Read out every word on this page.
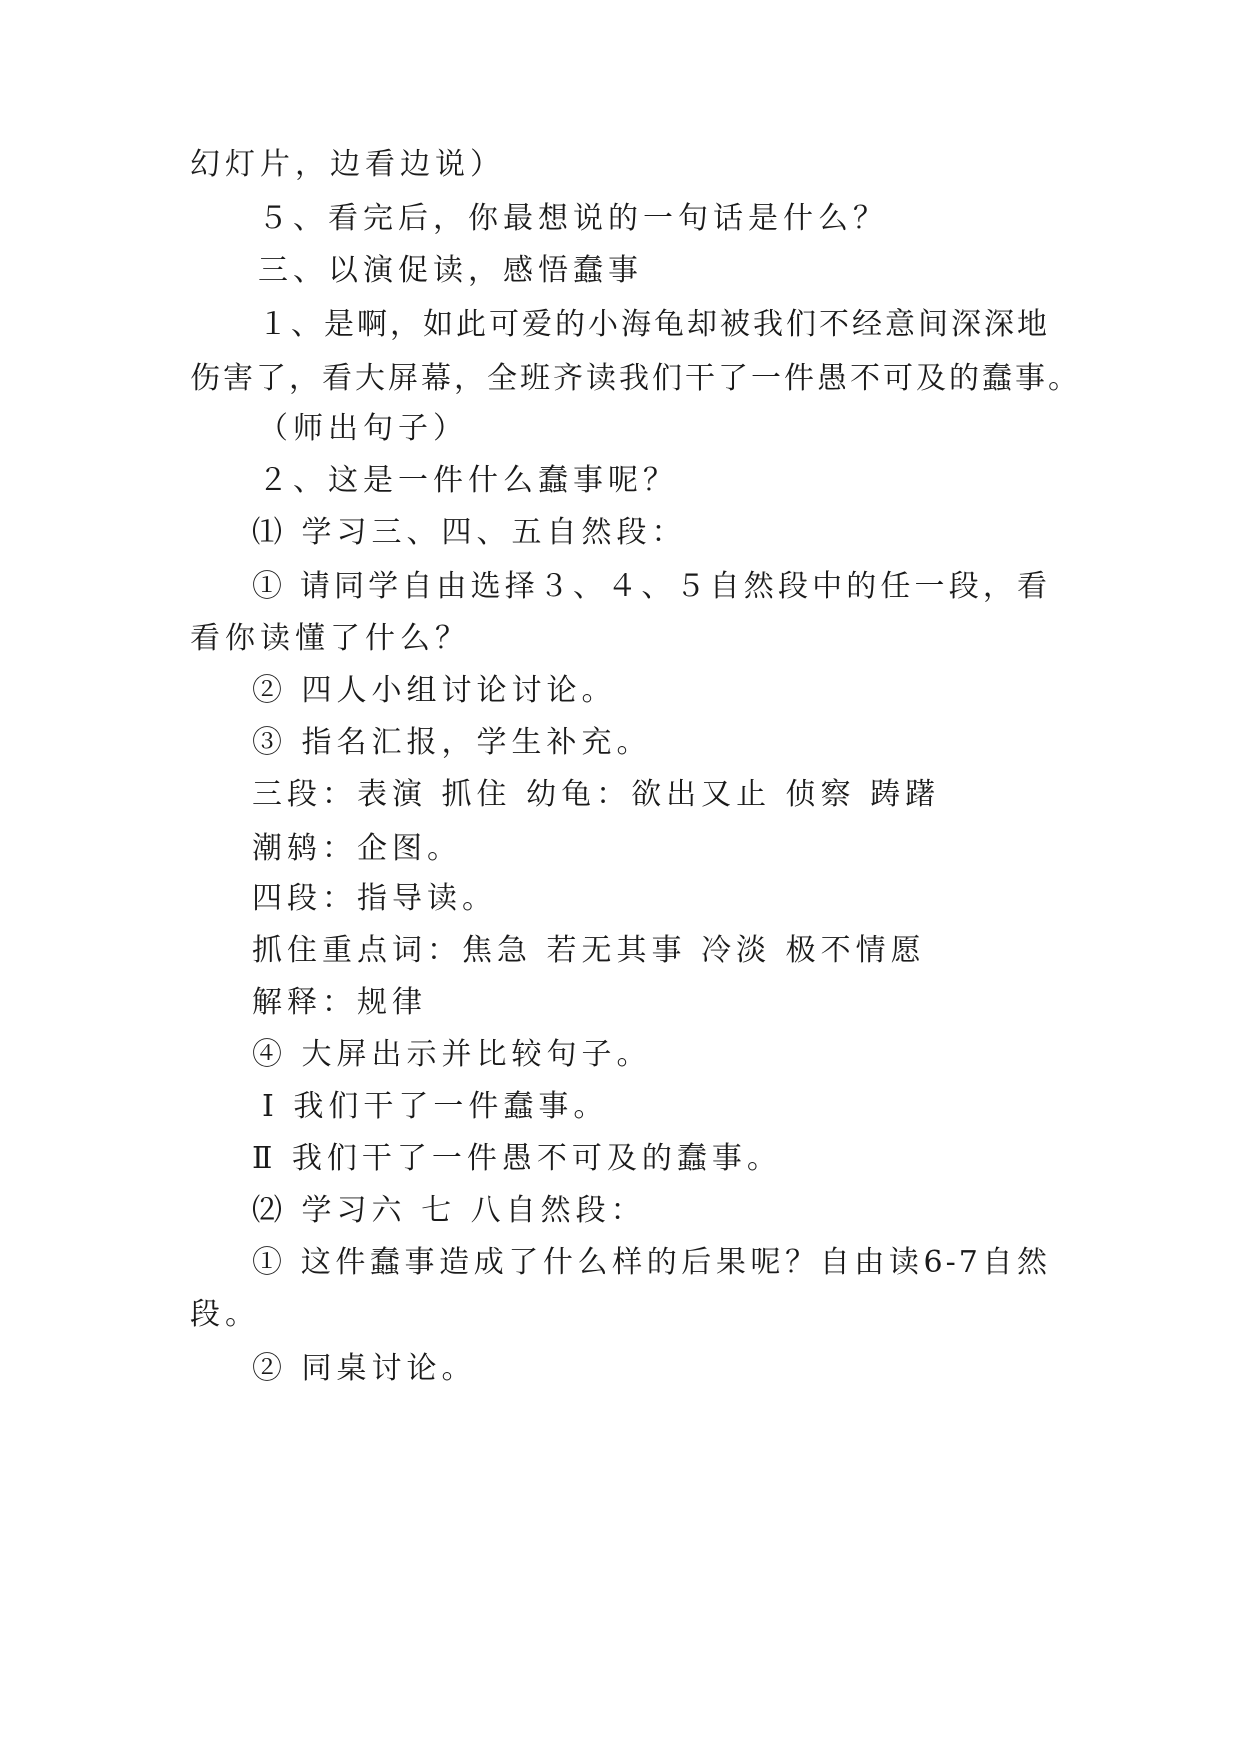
幻灯片，边看边说）
５、看完后，你最想说的一句话是什么？
三、以演促读，感悟蠢事
１、是啊，如此可爱的小海龟却被我们不经意间深深地
伤害了，看大屏幕，全班齐读我们干了一件愚不可及的蠢事。
（师出句子）
２、这是一件什么蠢事呢？
⑴ 学习三、四、五自然段：
① 请同学自由选择３、４、５自然段中的任一段，看
看你读懂了什么？
② 四人小组讨论讨论。
③ 指名汇报，学生补充。
三段：表演 抓住 幼龟：欲出又止 侦察 踌躇
潮鸫：企图。
四段：指导读。
抓住重点词：焦急 若无其事 冷淡 极不情愿
解释：规律
④ 大屏出示并比较句子。
Ⅰ 我们干了一件蠢事。
Ⅱ 我们干了一件愚不可及的蠢事。
⑵ 学习六 七 八自然段：
① 这件蠢事造成了什么样的后果呢？自由读6-7自然
段。
② 同桌讨论。
